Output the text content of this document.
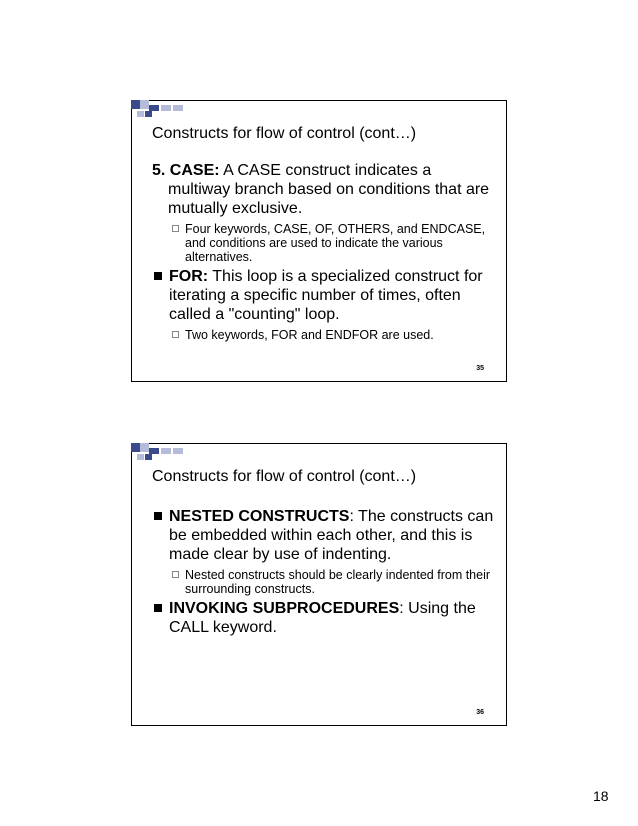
Constructs for flow of control (cont…)
5. CASE: A CASE construct indicates a multiway branch based on conditions that are mutually exclusive.
Four keywords, CASE, OF, OTHERS, and ENDCASE, and conditions are used to indicate the various alternatives.
FOR: This loop is a specialized construct for iterating a specific number of times, often called a "counting" loop.
Two keywords, FOR and ENDFOR are used.
35
Constructs for flow of control (cont…)
NESTED CONSTRUCTS: The constructs can be embedded within each other, and this is made clear by use of indenting.
Nested constructs should be clearly indented from their surrounding constructs.
INVOKING SUBPROCEDURES: Using the CALL keyword.
36
18
